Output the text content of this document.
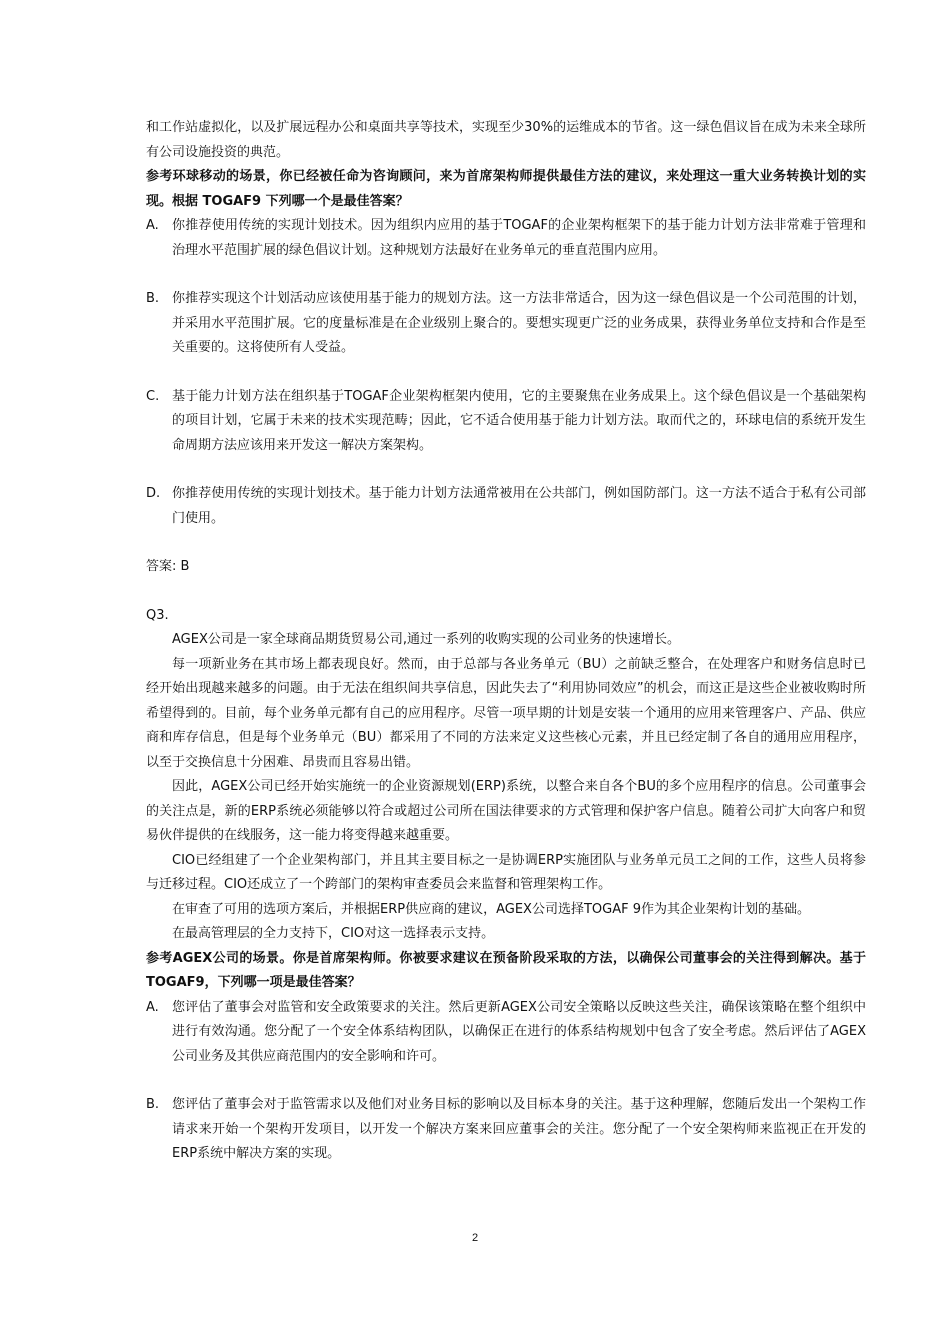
和工作站虚拟化，以及扩展远程办公和桌面共享等技术，实现至少30%的运维成本的节省。这一绿色倡议旨在成为未来全球所有公司设施投资的典范。

参考环球移动的场景，你已经被任命为咨询顾问，来为首席架构师提供最佳方法的建议，来处理这一重大业务转换计划的实现。根据 TOGAF9 下列哪一个是最佳答案？

A.	你推荐使用传统的实现计划技术。因为组织内应用的基于TOGAF的企业架构框架下的基于能力计划方法非常难于管理和治理水平范围扩展的绿色倡议计划。这种规划方法最好在业务单元的垂直范围内应用。
B. 你推荐实现这个计划活动应该使用基于能力的规划方法。这一方法非常适合，因为这一绿色倡议是一个公司范围的计划，并采用水平范围扩展。它的度量标准是在企业级别上聚合的。要想实现更广泛的业务成果，获得业务单位支持和合作是至关重要的。这将使所有人受益。
C. 基于能力计划方法在组织基于TOGAF企业架构框架内使用，它的主要聚焦在业务成果上。这个绿色倡议是一个基础架构的项目计划，它属于未来的技术实现范畴；因此，它不适合使用基于能力计划方法。取而代之的，环球电信的系统开发生命周期方法应该用来开发这一解决方案架构。
D. 你推荐使用传统的实现计划技术。基于能力计划方法通常被用在公共部门，例如国防部门。这一方法不适合于私有公司部门使用。

答案: B

Q3.

AGEX公司是一家全球商品期货贸易公司,通过一系列的收购实现的公司业务的快速增长。

每一项新业务在其市场上都表现良好。然而，由于总部与各业务单元（BU）之前缺乏整合，在处理客户和财务信息时已经开始出现越来越多的问题。由于无法在组织间共享信息，因此失去了“利用协同效应”的机会，而这正是这些企业被收购时所希望得到的。目前，每个业务单元都有自己的应用程序。尽管一项早期的计划是安装一个通用的应用来管理客户、产品、供应商和库存信息，但是每个业务单元（BU）都采用了不同的方法来定义这些核心元素，并且已经定制了各自的通用应用程序，以至于交换信息十分困难、昂贵而且容易出错。

因此，AGEX公司已经开始实施统一的企业资源规划(ERP)系统，以整合来自各个BU的多个应用程序的信息。公司董事会的关注点是，新的ERP系统必须能够以符合或超过公司所在国法律要求的方式管理和保护客户信息。随着公司扩大向客户和贸易伙伴提供的在线服务，这一能力将变得越来越重要。

CIO已经组建了一个企业架构部门，并且其主要目标之一是协调ERP实施团队与业务单元员工之间的工作，这些人员将参与迁移过程。CIO还成立了一个跨部门的架构审查委员会来监督和管理架构工作。

在审查了可用的选项方案后，并根据ERP供应商的建议，AGEX公司选择TOGAF 9作为其企业架构计划的基础。

在最高管理层的全力支持下，CIO对这一选择表示支持。

参考AGEX公司的场景。你是首席架构师。你被要求建议在预备阶段采取的方法，以确保公司董事会的关注得到解决。基于TOGAF9，下列哪一项是最佳答案？

A.	您评估了董事会对监管和安全政策要求的关注。然后更新AGEX公司安全策略以反映这些关注，确保该策略在整个组织中进行有效沟通。您分配了一个安全体系结构团队，以确保正在进行的体系结构规划中包含了安全考虑。然后评估了AGEX公司业务及其供应商范围内的安全影响和许可。
B. 您评估了董事会对于监管需求以及他们对业务目标的影响以及目标本身的关注。基于这种理解，您随后发出一个架构工作请求来开始一个架构开发项目，以开发一个解决方案来回应董事会的关注。您分配了一个安全架构师来监视正在开发的ERP系统中解决方案的实现。
2
